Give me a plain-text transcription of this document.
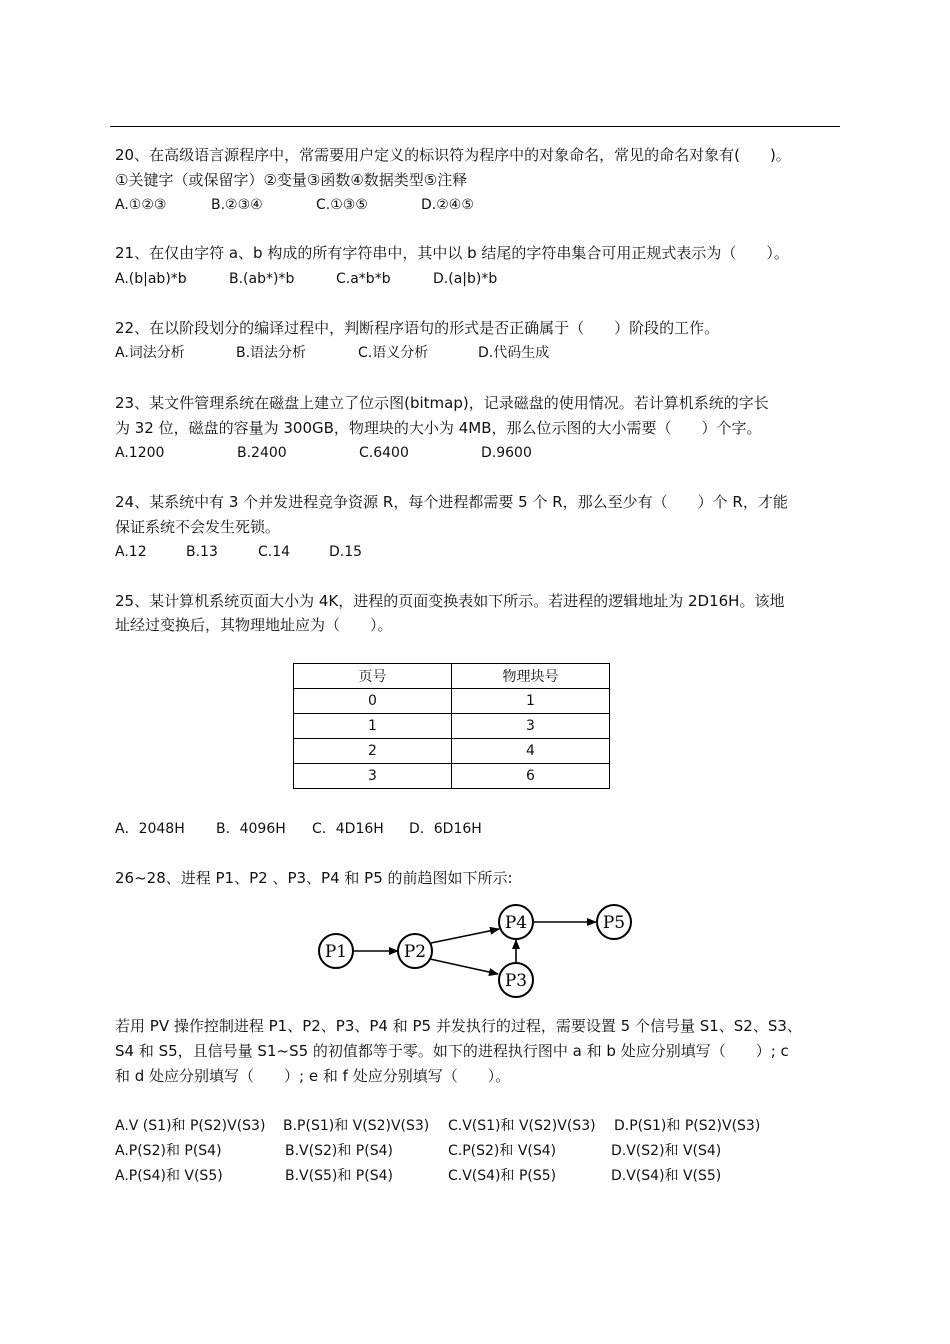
20、在高级语言源程序中，常需要用户定义的标识符为程序中的对象命名，常见的命名对象有(　　)。
①关键字（或保留字）②变量③函数④数据类型⑤注释
A.①②③	B.②③④	C.①③⑤	D.②④⑤
21、在仅由字符 a、b 构成的所有字符串中，其中以 b 结尾的字符串集合可用正规式表示为（　　）。
A.(b|ab)*b	B.(ab*)*b	C.a*b*b	D.(a|b)*b
22、在以阶段划分的编译过程中，判断程序语句的形式是否正确属于（　　）阶段的工作。
A.词法分析	B.语法分析	C.语义分析	D.代码生成
23、某文件管理系统在磁盘上建立了位示图(bitmap)，记录磁盘的使用情况。若计算机系统的字长
为 32 位，磁盘的容量为 300GB，物理块的大小为 4MB，那么位示图的大小需要（　　）个字。
A.1200	B.2400	C.6400	D.9600
24、某系统中有 3 个并发进程竞争资源 R，每个进程都需要 5 个 R，那么至少有（　　）个 R，才能
保证系统不会发生死锁。
A.12	B.13	C.14	D.15
25、某计算机系统页面大小为 4K，进程的页面变换表如下所示。若进程的逻辑地址为 2D16H。该地
址经过变换后，其物理地址应为（　　）。
页号	物理块号
0	1
1	3
2	4
3	6
A．2048H B．4096H C．4D16H D．6D16H
26~28、进程 P1、P2 、P3、P4 和 P5 的前趋图如下所示:
P1	P2
P3
P4	P5
若用 PV 操作控制进程 P1、P2、P3、P4 和 P5 并发执行的过程，需要设置 5 个信号量 S1、S2、S3、
S4 和 S5，且信号量 S1~S5 的初值都等于零。如下的进程执行图中 a 和 b 处应分别填写（　　）; c
和 d 处应分别填写（　　）; e 和 f 处应分别填写（　　）。
A.V (S1)和 P(S2)V(S3) B.P(S1)和 V(S2)V(S3) C.V(S1)和 V(S2)V(S3) D.P(S1)和 P(S2)V(S3)
A.P(S2)和 P(S4)	B.V(S2)和 P(S4)	C.P(S2)和 V(S4)	D.V(S2)和 V(S4)
A.P(S4)和 V(S5)	B.V(S5)和 P(S4)	C.V(S4)和 P(S5)	D.V(S4)和 V(S5)
